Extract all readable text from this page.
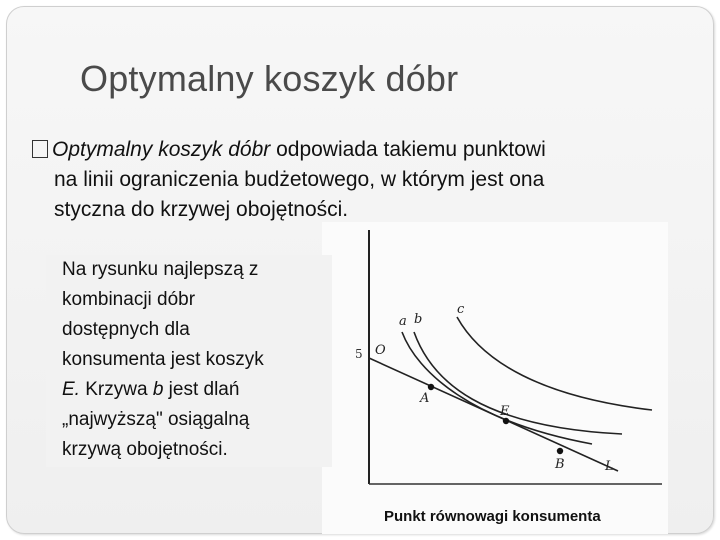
Optymalny koszyk dóbr
Optymalny koszyk dóbr odpowiada takiemu punktowi
na linii ograniczenia budżetowego, w którym jest ona
styczna do krzywej obojętności.
5 O
a b
c
A
E
B	L
Na rysunku najlepszą z
kombinacji dóbr
dostępnych dla
konsumenta jest koszyk
E. Krzywa b jest dlań
„najwyższą" osiągalną
krzywą obojętności.
Punkt równowagi konsumenta
